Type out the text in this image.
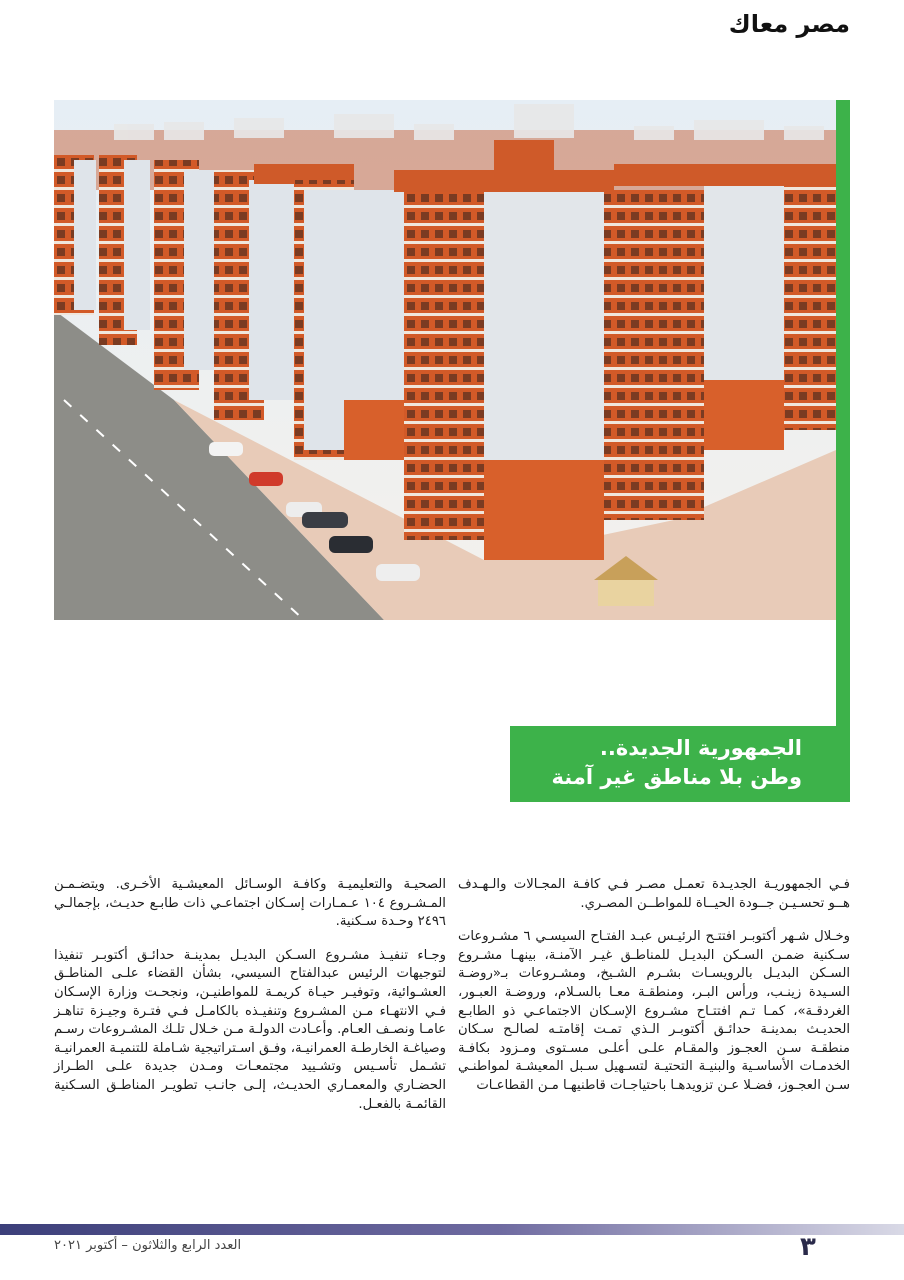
مصر معاك
الجمهورية الجديدة..
وطن بلا مناطق غير آمنة

فـي الجمهوريـة الجديـدة تعمـل مصـر فـي كافـة المجـالات والـهـدف هــو تحسـيـن جــودة الحيــاة للمواطــن المصـري.

وخـلال شـهر أكتوبـر افتتـح الرئيـس عبـد الفتـاح السيسـي ٦ مشـروعات سـكنية ضمـن السـكن البديـل للمناطـق غيـر الآمنـة، بينهـا مشـروع السـكن البديـل بالرويسـات بشـرم الشـيخ، ومشـروعات بـ«روضـة السـيدة زينـب، ورأس البـر، ومنطقـة معـا بالسـلام، وروضـة العبـور، الغردقـة»، كمـا تـم افتتـاح مشـروع الإسـكان الاجتماعـي ذو الطابـع الحديـث بمدينـة حدائـق أكتوبـر الـذي تمـت إقامتـه لصالـح سـكان منطقـة سـن العجـوز والمقـام علـى أعلـى مسـتوى ومـزود بكافـة الخدمـات الأساسـية والبنيـة التحتيـة لتسـهيل سـبل المعيشـة لمواطنـي سـن العجـوز، فضـلا عـن تزويدهـا باحتياجـات قاطنيهـا مـن القطاعـات

الصحيـة والتعليميـة وكافـة الوسـائل المعيشـية الأخـرى. ويتضـمـن المـشـروع ١٠٤ عـمـارات إسـكان اجتماعـي ذات طابـع حديـث، بإجمالـي ٢٤٩٦ وحـدة سـكنية.

وجـاء تنفيـذ مشـروع السـكن البديـل بمدينـة حدائـق أكتوبـر تنفيذا لتوجيهات الرئيس عبدالفتاح السيسي، بشأن القضاء علـى المناطـق العشـوائية، وتوفيـر حيـاة كريمـة للمواطنيـن، ونجحـت وزارة الإسـكان فـي الانتهـاء مـن المشـروع وتنفيـذه بالكامـل فـي فتـرة وجيـزة تناهـز عامـا ونصـف العـام. وأعـادت الدولـة مـن خـلال تلـك المشـروعات رسـم وصياغـة الخارطـة العمرانيـة، وفـق اسـتراتيجية شـاملة للتنميـة العمرانيـة تشـمل تأسـيس وتشـييد مجتمعـات ومـدن جديدة علـى الطـراز الحضـاري والمعمـاري الحديـث، إلـى جانـب تطويـر المناطـق السـكنية القائمـة بالفعـل.

٣
العدد الرابع والثلاثون – أكتوبر ٢٠٢١
